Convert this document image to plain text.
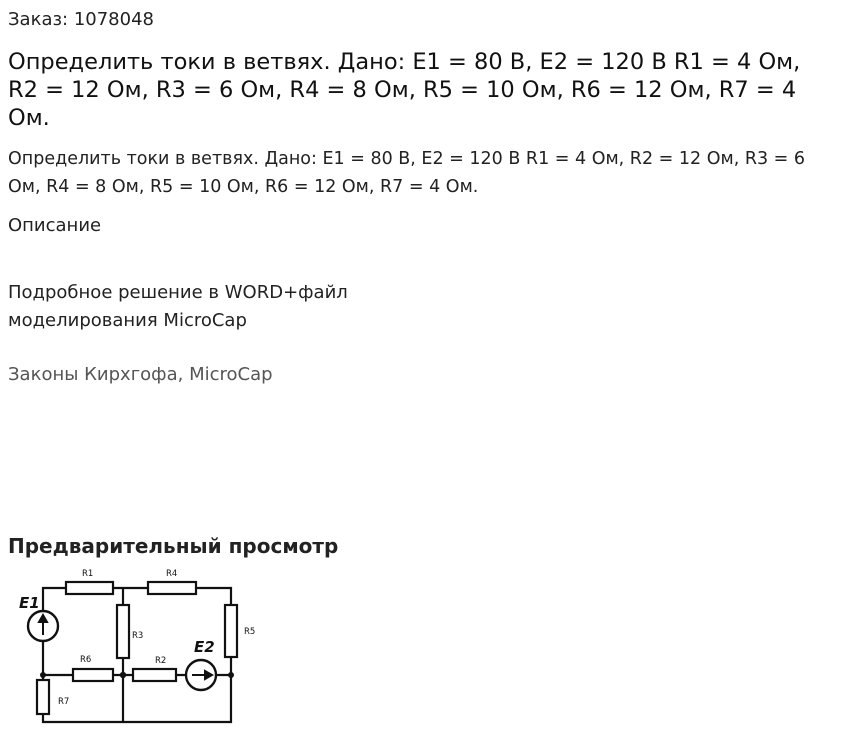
Заказ: 1078048
Определить токи в ветвях. Дано: E1 = 80 В, E2 = 120 В R1 = 4 Ом, R2 = 12 Ом, R3 = 6 Ом, R4 = 8 Ом, R5 = 10 Ом, R6 = 12 Ом, R7 = 4 Ом.

Определить токи в ветвях. Дано: E1 = 80 В, E2 = 120 В R1 = 4 Ом, R2 = 12 Ом, R3 = 6 Ом, R4 = 8 Ом, R5 = 10 Ом, R6 = 12 Ом, R7 = 4 Ом.

Описание

Подробное решение в WORD+файл моделирования MicroCap

Законы Кирхгофа, MicroCap
Предварительный просмотр
R1	R4
R3	R5
R6	R2
R7
E1
E2
